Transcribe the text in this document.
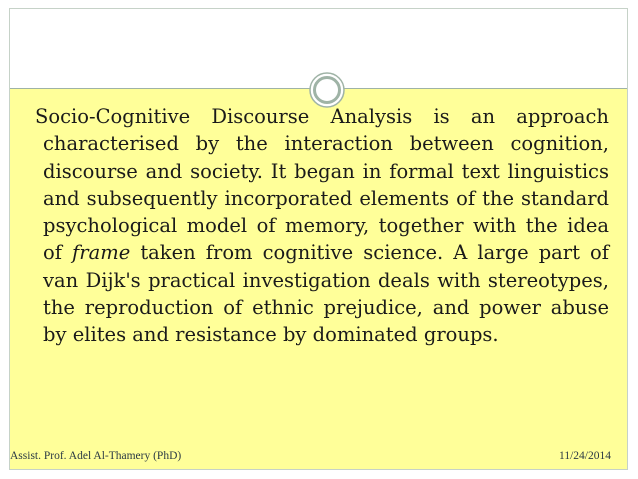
Socio-Cognitive Discourse Analysis is an approach characterised by the interaction between cognition, discourse and society. It began in formal text linguistics and subsequently incorporated elements of the standard psychological model of memory, together with the idea of frame taken from cognitive science. A large part of van Dijk's practical investigation deals with stereotypes, the reproduction of ethnic prejudice, and power abuse by elites and resistance by dominated groups.
Assist. Prof. Adel Al-Thamery (PhD)	11/24/2014
